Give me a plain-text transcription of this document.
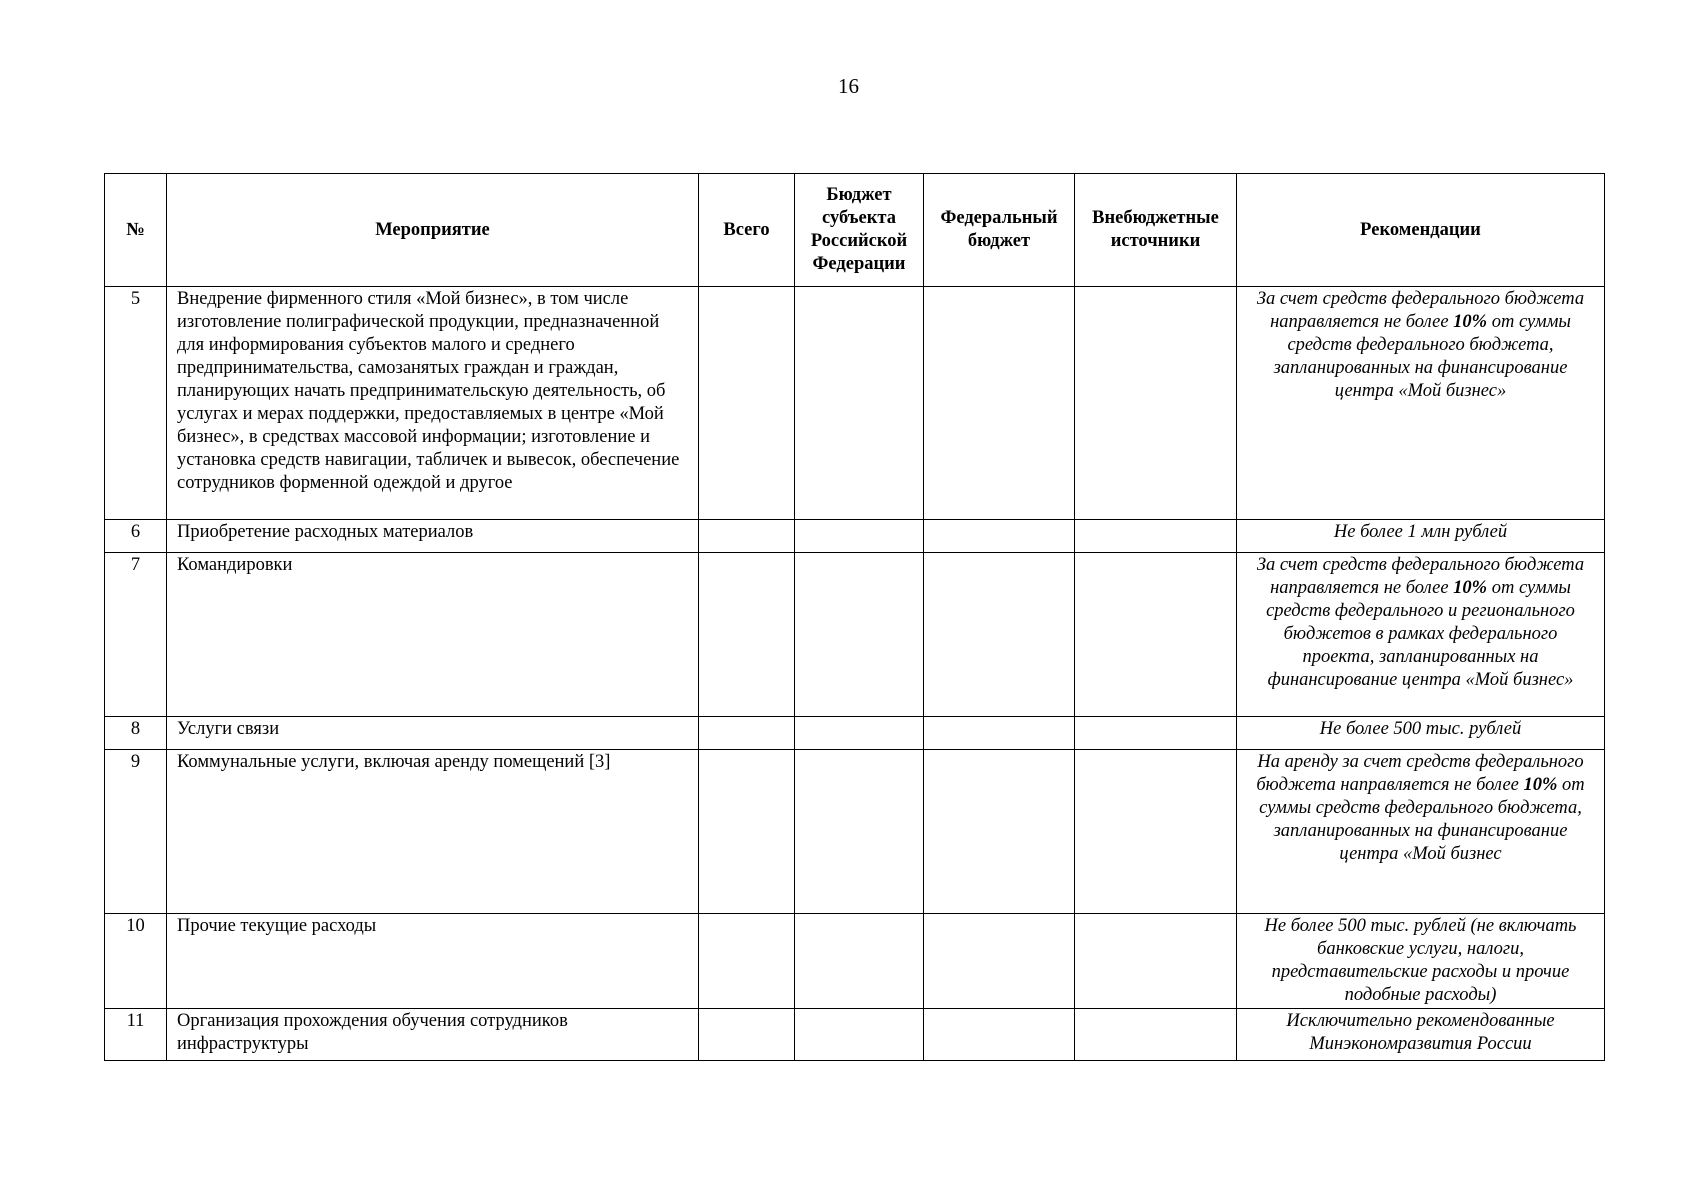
16
№	Мероприятие	Всего	Бюджет субъекта Российской Федерации	Федеральный бюджет	Внебюджетные источники	Рекомендации
5	Внедрение фирменного стиля «Мой бизнес», в том числе изготовление полиграфической продукции, предназначенной для информирования субъектов малого и среднего предпринимательства, самозанятых граждан и граждан, планирующих начать предпринимательскую деятельность, об услугах и мерах поддержки, предоставляемых в центре «Мой бизнес», в средствах массовой информации; изготовление и установка средств навигации, табличек и вывесок, обеспечение сотрудников форменной одеждой и другое					За счет средств федерального бюджета направляется не более 10% от суммы средств федерального бюджета, запланированных на финансирование центра «Мой бизнес»
6	Приобретение расходных материалов					Не более 1 млн рублей
7	Командировки					За счет средств федерального бюджета направляется не более 10% от суммы средств федерального и регионального бюджетов в рамках федерального проекта, запланированных на финансирование центра «Мой бизнес»
8	Услуги связи					Не более 500 тыс. рублей
9	Коммунальные услуги, включая аренду помещений [3]					На аренду за счет средств федерального бюджета направляется не более 10% от суммы средств федерального бюджета, запланированных на финансирование центра «Мой бизнес
10	Прочие текущие расходы					Не более 500 тыс. рублей (не включать банковские услуги, налоги, представительские расходы и прочие подобные расходы)
11	Организация прохождения обучения сотрудников инфраструктуры					Исключительно рекомендованные Минэкономразвития России
